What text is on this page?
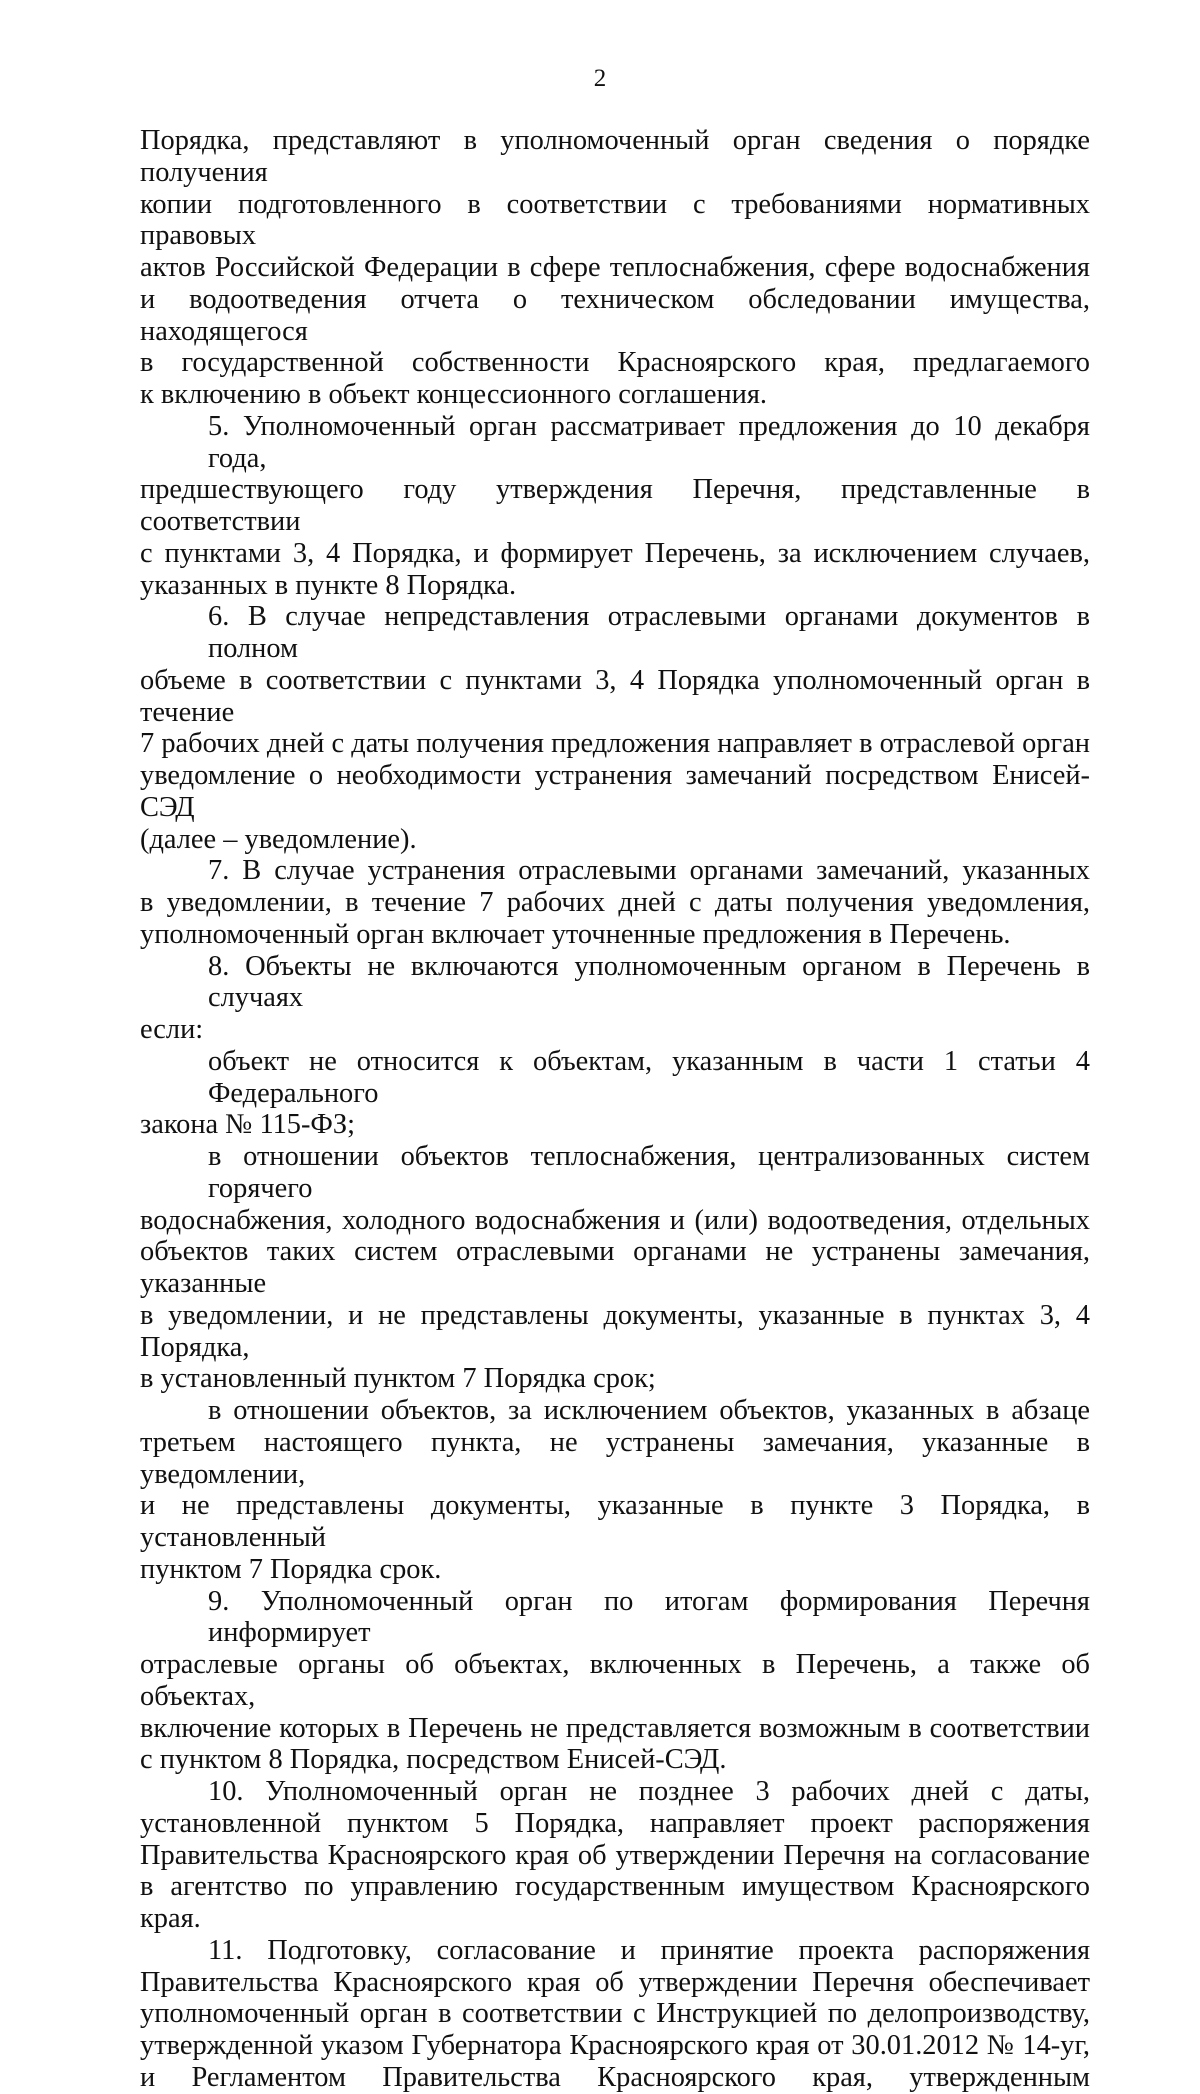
2

Порядка, представляют в уполномоченный орган сведения о порядке получения
копии подготовленного в соответствии с требованиями нормативных правовых
актов Российской Федерации в сфере теплоснабжения, сфере водоснабжения
и водоотведения отчета о техническом обследовании имущества, находящегося
в государственной собственности Красноярского края, предлагаемого
к включению в объект концессионного соглашения.

5. Уполномоченный орган рассматривает предложения до 10 декабря года,
предшествующего году утверждения Перечня, представленные в соответствии
с пунктами 3, 4 Порядка, и формирует Перечень, за исключением случаев,
указанных в пункте 8 Порядка.

6. В случае непредставления отраслевыми органами документов в полном
объеме в соответствии с пунктами 3, 4 Порядка уполномоченный орган в течение
7 рабочих дней с даты получения предложения направляет в отраслевой орган
уведомление о необходимости устранения замечаний посредством Енисей-СЭД
(далее – уведомление).

7. В случае устранения отраслевыми органами замечаний, указанных
в уведомлении, в течение 7 рабочих дней с даты получения уведомления,
уполномоченный орган включает уточненные предложения в Перечень.

8. Объекты не включаются уполномоченным органом в Перечень в случаях
если:

объект не относится к объектам, указанным в части 1 статьи 4 Федерального
закона № 115-ФЗ;

в отношении объектов теплоснабжения, централизованных систем горячего
водоснабжения, холодного водоснабжения и (или) водоотведения, отдельных
объектов таких систем отраслевыми органами не устранены замечания, указанные
в уведомлении, и не представлены документы, указанные в пунктах 3, 4 Порядка,
в установленный пунктом 7 Порядка срок;

в отношении объектов, за исключением объектов, указанных в абзаце
третьем настоящего пункта, не устранены замечания, указанные в уведомлении,
и не представлены документы, указанные в пункте 3 Порядка, в установленный
пунктом 7 Порядка срок.

9. Уполномоченный орган по итогам формирования Перечня информирует
отраслевые органы об объектах, включенных в Перечень, а также об объектах,
включение которых в Перечень не представляется возможным в соответствии
с пунктом 8 Порядка, посредством Енисей-СЭД.

10. Уполномоченный орган не позднее 3 рабочих дней с даты,
установленной пунктом 5 Порядка, направляет проект распоряжения
Правительства Красноярского края об утверждении Перечня на согласование
в агентство по управлению государственным имуществом Красноярского края.

11. Подготовку, согласование и принятие проекта распоряжения
Правительства Красноярского края об утверждении Перечня обеспечивает
уполномоченный орган в соответствии с Инструкцией по делопроизводству,
утвержденной указом Губернатора Красноярского края от 30.01.2012 № 14-уг,
и Регламентом Правительства Красноярского края, утвержденным
